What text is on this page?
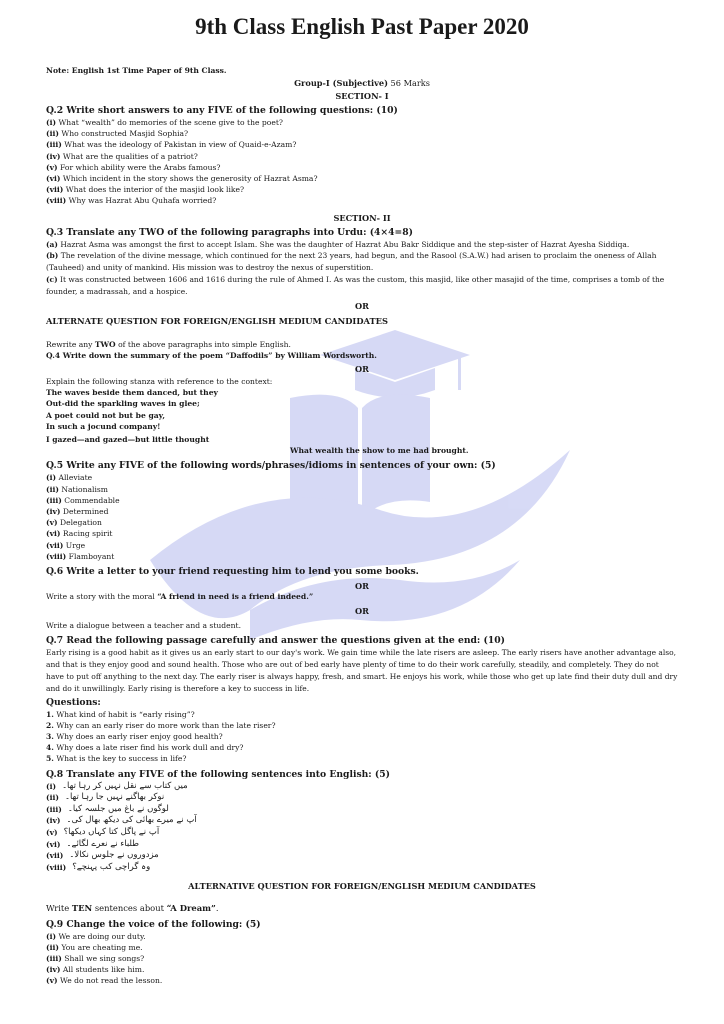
9th Class English Past Paper 2020
Note: English 1st Time Paper of 9th Class.
Group-I (Subjective) 56 Marks
SECTION- I
Q.2 Write short answers to any FIVE of the following questions: (10)
(i) What “wealth” do memories of the scene give to the poet?
(ii) Who constructed Masjid Sophia?
(iii) What was the ideology of Pakistan in view of Quaid-e-Azam?
(iv) What are the qualities of a patriot?
(v) For which ability were the Arabs famous?
(vi) Which incident in the story shows the generosity of Hazrat Asma?
(vii) What does the interior of the masjid look like?
(viii) Why was Hazrat Abu Quhafa worried?
SECTION- II
Q.3 Translate any TWO of the following paragraphs into Urdu: (4×4=8)
(a) Hazrat Asma was amongst the first to accept Islam. She was the daughter of Hazrat Abu Bakr Siddique and the step-sister of Hazrat Ayesha Siddiqa.
(b) The revelation of the divine message, which continued for the next 23 years, had begun, and the Rasool (S.A.W.) had arisen to proclaim the oneness of Allah (Tauheed) and unity of mankind. His mission was to destroy the nexus of superstition.
(c) It was constructed between 1606 and 1616 during the rule of Ahmed I. As was the custom, this masjid, like other masajid of the time, comprises a tomb of the founder, a madrassah, and a hospice.
OR
ALTERNATE QUESTION FOR FOREIGN/ENGLISH MEDIUM CANDIDATES
Rewrite any TWO of the above paragraphs into simple English.
Q.4 Write down the summary of the poem “Daffodils” by William Wordsworth.
OR
Explain the following stanza with reference to the context:
The waves beside them danced, but they
Out-did the sparkling waves in glee;
A poet could not but be gay,
In such a jocund company!
I gazed—and gazed—but little thought
What wealth the show to me had brought.
Q.5 Write any FIVE of the following words/phrases/idioms in sentences of your own: (5)
(i) Alleviate
(ii) Nationalism
(iii) Commendable
(iv) Determined
(v) Delegation
(vi) Racing spirit
(vii) Urge
(viii) Flamboyant
Q.6 Write a letter to your friend requesting him to lend you some books.
OR
Write a story with the moral “A friend in need is a friend indeed.”
OR
Write a dialogue between a teacher and a student.
Q.7 Read the following passage carefully and answer the questions given at the end: (10)
Early rising is a good habit as it gives us an early start to our day's work. We gain time while the late risers are asleep. The early risers have another advantage also, and that is they enjoy good and sound health. Those who are out of bed early have plenty of time to do their work carefully, steadily, and completely. They do not have to put off anything to the next day. The early riser is always happy, fresh, and smart. He enjoys his work, while those who get up late find their duty dull and dry and do it unwillingly. Early rising is therefore a key to success in life.
Questions:
1. What kind of habit is “early rising”?
2. Why can an early riser do more work than the late riser?
3. Why does an early riser enjoy good health?
4. Why does a late riser find his work dull and dry?
5. What is the key to success in life?
Q.8 Translate any FIVE of the following sentences into English: (5)
(i) میں کتاب سے نقل نہیں کر رہا تھا۔
(ii) نوکر بھاگنے نہیں جا رہا تھا۔
(iii) لوگوں نے باغ میں جلسہ کیا۔
(iv) آپ نے میرے بھائی کی دیکھ بھال کی۔
(v) آپ نے پاگل کتا کہاں دیکھا؟
(vi) طلباء نے نعرے لگائے۔
(vii) مزدوروں نے جلوس نکالا۔
(viii) وہ گراچی کب پہنچے؟
ALTERNATIVE QUESTION FOR FOREIGN/ENGLISH MEDIUM CANDIDATES
Write TEN sentences about “A Dream”.
Q.9 Change the voice of the following: (5)
(i) We are doing our duty.
(ii) You are cheating me.
(iii) Shall we sing songs?
(iv) All students like him.
(v) We do not read the lesson.
